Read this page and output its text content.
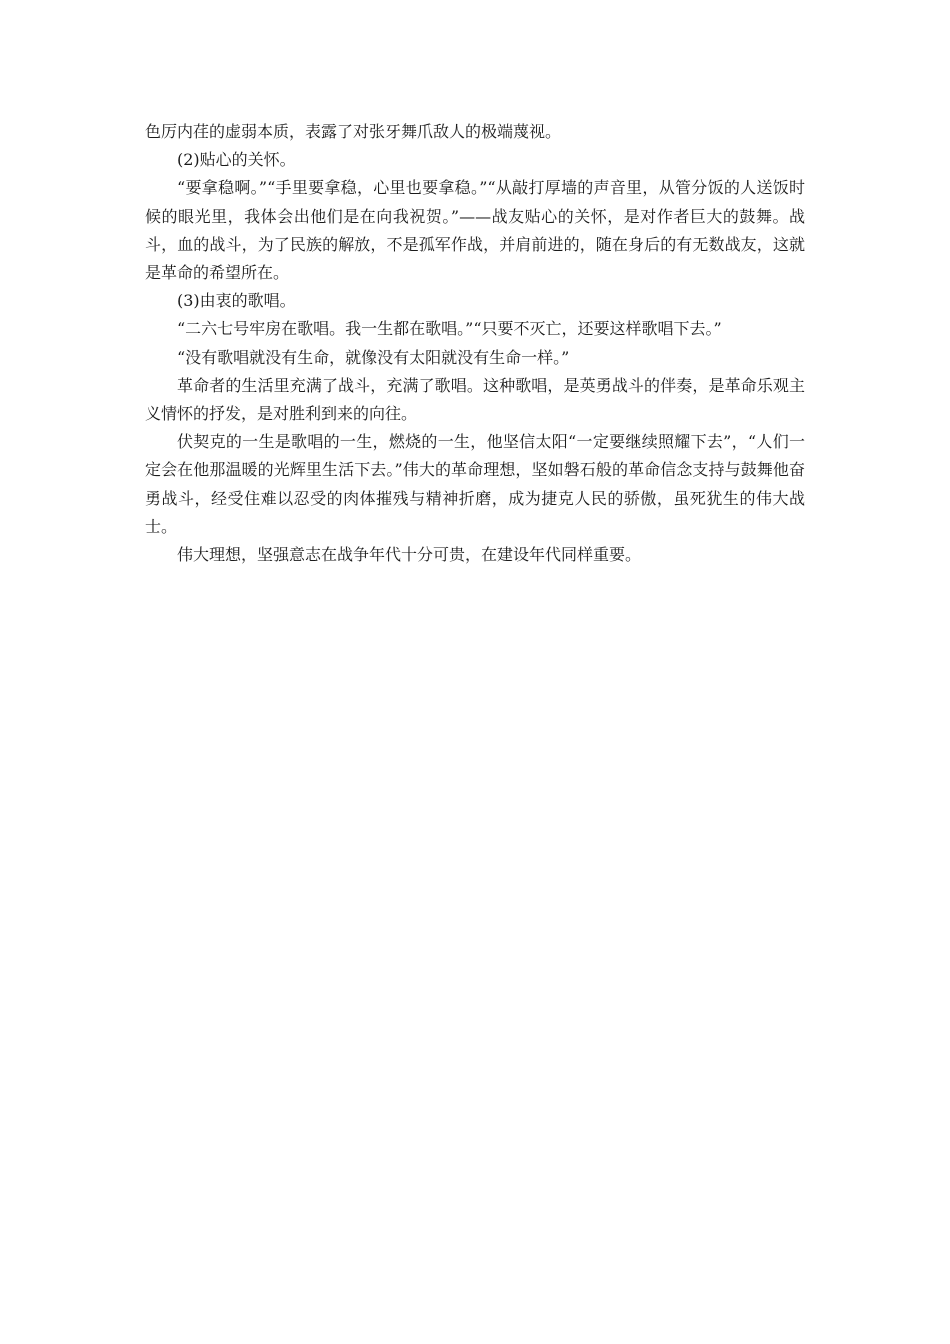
色厉内荏的虚弱本质，表露了对张牙舞爪敌人的极端蔑视。

(2)贴心的关怀。

“要拿稳啊。”“手里要拿稳，心里也要拿稳。”“从敲打厚墙的声音里，从管分饭的人送饭时候的眼光里，我体会出他们是在向我祝贺。”——战友贴心的关怀，是对作者巨大的鼓舞。战斗，血的战斗，为了民族的解放，不是孤军作战，并肩前进的，随在身后的有无数战友，这就是革命的希望所在。

(3)由衷的歌唱。

“二六七号牢房在歌唱。我一生都在歌唱。”“只要不灭亡，还要这样歌唱下去。”

“没有歌唱就没有生命，就像没有太阳就没有生命一样。”

革命者的生活里充满了战斗，充满了歌唱。这种歌唱，是英勇战斗的伴奏，是革命乐观主义情怀的抒发，是对胜利到来的向往。

伏契克的一生是歌唱的一生，燃烧的一生，他坚信太阳“一定要继续照耀下去”，“人们一定会在他那温暖的光辉里生活下去。”伟大的革命理想，坚如磐石般的革命信念支持与鼓舞他奋勇战斗，经受住难以忍受的肉体摧残与精神折磨，成为捷克人民的骄傲，虽死犹生的伟大战士。

伟大理想，坚强意志在战争年代十分可贵，在建设年代同样重要。
